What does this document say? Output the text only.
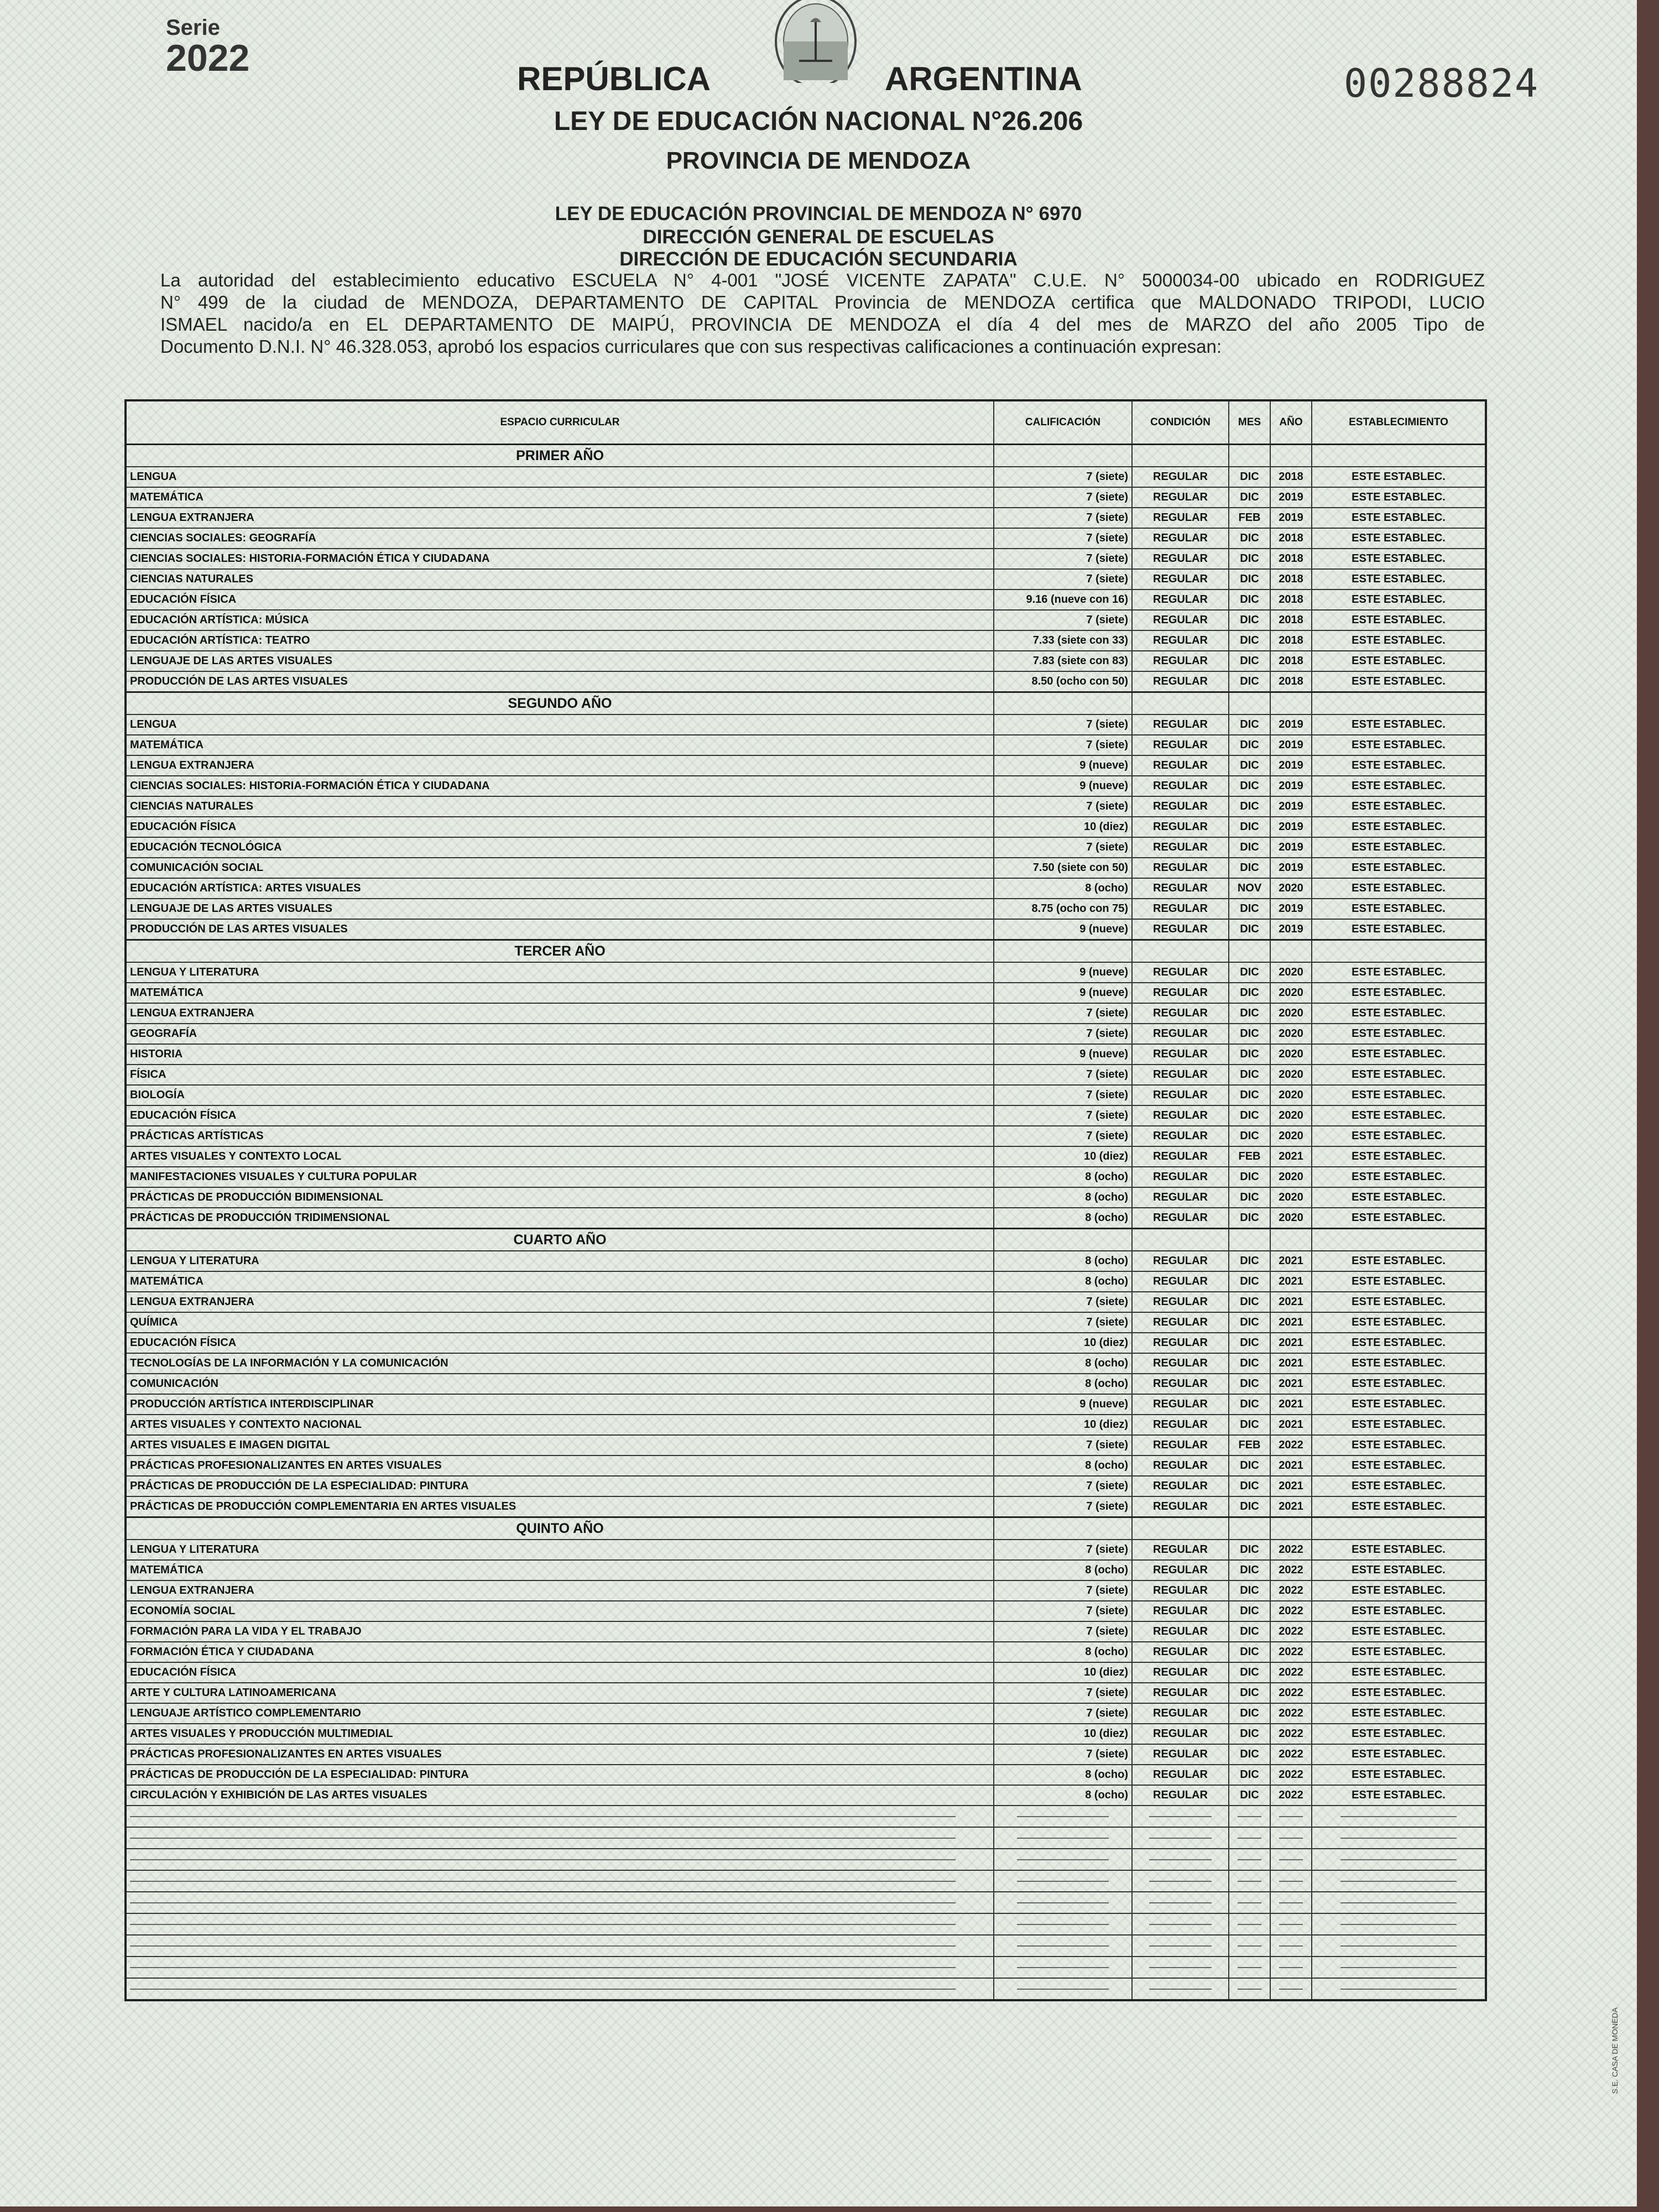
Serie
2022
00288824
REPÚBLICA	ARGENTINA
LEY DE EDUCACIÓN NACIONAL N°26.206
PROVINCIA DE MENDOZA
LEY DE EDUCACIÓN PROVINCIAL DE MENDOZA N° 6970
DIRECCIÓN GENERAL DE ESCUELAS
DIRECCIÓN DE EDUCACIÓN SECUNDARIA
La autoridad del establecimiento educativo ESCUELA N° 4-001 "JOSÉ VICENTE ZAPATA" C.U.E. N° 5000034-00 ubicado en RODRIGUEZ
N° 499 de la ciudad de MENDOZA, DEPARTAMENTO DE CAPITAL Provincia de MENDOZA certifica que MALDONADO TRIPODI, LUCIO
ISMAEL nacido/a en EL DEPARTAMENTO DE MAIPÚ, PROVINCIA DE MENDOZA el día 4 del mes de MARZO del año 2005 Tipo de
Documento D.N.I. N° 46.328.053, aprobó los espacios curriculares que con sus respectivas calificaciones a continuación expresan:
ESPACIO CURRICULAR	CALIFICACIÓN	CONDICIÓN	MES	AÑO	ESTABLECIMIENTO
PRIMER AÑO					
LENGUA	7 (siete)	REGULAR	DIC	2018	ESTE ESTABLEC.
MATEMÁTICA	7 (siete)	REGULAR	DIC	2019	ESTE ESTABLEC.
LENGUA EXTRANJERA	7 (siete)	REGULAR	FEB	2019	ESTE ESTABLEC.
CIENCIAS SOCIALES: GEOGRAFÍA	7 (siete)	REGULAR	DIC	2018	ESTE ESTABLEC.
CIENCIAS SOCIALES: HISTORIA-FORMACIÓN ÉTICA Y CIUDADANA	7 (siete)	REGULAR	DIC	2018	ESTE ESTABLEC.
CIENCIAS NATURALES	7 (siete)	REGULAR	DIC	2018	ESTE ESTABLEC.
EDUCACIÓN FÍSICA	9.16 (nueve con 16)	REGULAR	DIC	2018	ESTE ESTABLEC.
EDUCACIÓN ARTÍSTICA: MÚSICA	7 (siete)	REGULAR	DIC	2018	ESTE ESTABLEC.
EDUCACIÓN ARTÍSTICA: TEATRO	7.33 (siete con 33)	REGULAR	DIC	2018	ESTE ESTABLEC.
LENGUAJE DE LAS ARTES VISUALES	7.83 (siete con 83)	REGULAR	DIC	2018	ESTE ESTABLEC.
PRODUCCIÓN DE LAS ARTES VISUALES	8.50 (ocho con 50)	REGULAR	DIC	2018	ESTE ESTABLEC.
SEGUNDO AÑO					
LENGUA	7 (siete)	REGULAR	DIC	2019	ESTE ESTABLEC.
MATEMÁTICA	7 (siete)	REGULAR	DIC	2019	ESTE ESTABLEC.
LENGUA EXTRANJERA	9 (nueve)	REGULAR	DIC	2019	ESTE ESTABLEC.
CIENCIAS SOCIALES: HISTORIA-FORMACIÓN ÉTICA Y CIUDADANA	9 (nueve)	REGULAR	DIC	2019	ESTE ESTABLEC.
CIENCIAS NATURALES	7 (siete)	REGULAR	DIC	2019	ESTE ESTABLEC.
EDUCACIÓN FÍSICA	10 (diez)	REGULAR	DIC	2019	ESTE ESTABLEC.
EDUCACIÓN TECNOLÓGICA	7 (siete)	REGULAR	DIC	2019	ESTE ESTABLEC.
COMUNICACIÓN SOCIAL	7.50 (siete con 50)	REGULAR	DIC	2019	ESTE ESTABLEC.
EDUCACIÓN ARTÍSTICA: ARTES VISUALES	8 (ocho)	REGULAR	NOV	2020	ESTE ESTABLEC.
LENGUAJE DE LAS ARTES VISUALES	8.75 (ocho con 75)	REGULAR	DIC	2019	ESTE ESTABLEC.
PRODUCCIÓN DE LAS ARTES VISUALES	9 (nueve)	REGULAR	DIC	2019	ESTE ESTABLEC.
TERCER AÑO					
LENGUA Y LITERATURA	9 (nueve)	REGULAR	DIC	2020	ESTE ESTABLEC.
MATEMÁTICA	9 (nueve)	REGULAR	DIC	2020	ESTE ESTABLEC.
LENGUA EXTRANJERA	7 (siete)	REGULAR	DIC	2020	ESTE ESTABLEC.
GEOGRAFÍA	7 (siete)	REGULAR	DIC	2020	ESTE ESTABLEC.
HISTORIA	9 (nueve)	REGULAR	DIC	2020	ESTE ESTABLEC.
FÍSICA	7 (siete)	REGULAR	DIC	2020	ESTE ESTABLEC.
BIOLOGÍA	7 (siete)	REGULAR	DIC	2020	ESTE ESTABLEC.
EDUCACIÓN FÍSICA	7 (siete)	REGULAR	DIC	2020	ESTE ESTABLEC.
PRÁCTICAS ARTÍSTICAS	7 (siete)	REGULAR	DIC	2020	ESTE ESTABLEC.
ARTES VISUALES Y CONTEXTO LOCAL	10 (diez)	REGULAR	FEB	2021	ESTE ESTABLEC.
MANIFESTACIONES VISUALES Y CULTURA POPULAR	8 (ocho)	REGULAR	DIC	2020	ESTE ESTABLEC.
PRÁCTICAS DE PRODUCCIÓN BIDIMENSIONAL	8 (ocho)	REGULAR	DIC	2020	ESTE ESTABLEC.
PRÁCTICAS DE PRODUCCIÓN TRIDIMENSIONAL	8 (ocho)	REGULAR	DIC	2020	ESTE ESTABLEC.
CUARTO AÑO					
LENGUA Y LITERATURA	8 (ocho)	REGULAR	DIC	2021	ESTE ESTABLEC.
MATEMÁTICA	8 (ocho)	REGULAR	DIC	2021	ESTE ESTABLEC.
LENGUA EXTRANJERA	7 (siete)	REGULAR	DIC	2021	ESTE ESTABLEC.
QUÍMICA	7 (siete)	REGULAR	DIC	2021	ESTE ESTABLEC.
EDUCACIÓN FÍSICA	10 (diez)	REGULAR	DIC	2021	ESTE ESTABLEC.
TECNOLOGÍAS DE LA INFORMACIÓN Y LA COMUNICACIÓN	8 (ocho)	REGULAR	DIC	2021	ESTE ESTABLEC.
COMUNICACIÓN	8 (ocho)	REGULAR	DIC	2021	ESTE ESTABLEC.
PRODUCCIÓN ARTÍSTICA INTERDISCIPLINAR	9 (nueve)	REGULAR	DIC	2021	ESTE ESTABLEC.
ARTES VISUALES Y CONTEXTO NACIONAL	10 (diez)	REGULAR	DIC	2021	ESTE ESTABLEC.
ARTES VISUALES E IMAGEN DIGITAL	7 (siete)	REGULAR	FEB	2022	ESTE ESTABLEC.
PRÁCTICAS PROFESIONALIZANTES EN ARTES VISUALES	8 (ocho)	REGULAR	DIC	2021	ESTE ESTABLEC.
PRÁCTICAS DE PRODUCCIÓN DE LA ESPECIALIDAD: PINTURA	7 (siete)	REGULAR	DIC	2021	ESTE ESTABLEC.
PRÁCTICAS DE PRODUCCIÓN COMPLEMENTARIA EN ARTES VISUALES	7 (siete)	REGULAR	DIC	2021	ESTE ESTABLEC.
QUINTO AÑO					
LENGUA Y LITERATURA	7 (siete)	REGULAR	DIC	2022	ESTE ESTABLEC.
MATEMÁTICA	8 (ocho)	REGULAR	DIC	2022	ESTE ESTABLEC.
LENGUA EXTRANJERA	7 (siete)	REGULAR	DIC	2022	ESTE ESTABLEC.
ECONOMÍA SOCIAL	7 (siete)	REGULAR	DIC	2022	ESTE ESTABLEC.
FORMACIÓN PARA LA VIDA Y EL TRABAJO	7 (siete)	REGULAR	DIC	2022	ESTE ESTABLEC.
FORMACIÓN ÉTICA Y CIUDADANA	8 (ocho)	REGULAR	DIC	2022	ESTE ESTABLEC.
EDUCACIÓN FÍSICA	10 (diez)	REGULAR	DIC	2022	ESTE ESTABLEC.
ARTE Y CULTURA LATINOAMERICANA	7 (siete)	REGULAR	DIC	2022	ESTE ESTABLEC.
LENGUAJE ARTÍSTICO COMPLEMENTARIO	7 (siete)	REGULAR	DIC	2022	ESTE ESTABLEC.
ARTES VISUALES Y PRODUCCIÓN MULTIMEDIAL	10 (diez)	REGULAR	DIC	2022	ESTE ESTABLEC.
PRÁCTICAS PROFESIONALIZANTES EN ARTES VISUALES	7 (siete)	REGULAR	DIC	2022	ESTE ESTABLEC.
PRÁCTICAS DE PRODUCCIÓN DE LA ESPECIALIDAD: PINTURA	8 (ocho)	REGULAR	DIC	2022	ESTE ESTABLEC.
CIRCULACIÓN Y EXHIBICIÓN DE LAS ARTES VISUALES	8 (ocho)	REGULAR	DIC	2022	ESTE ESTABLEC.

S.E. CASA DE MONEDA
